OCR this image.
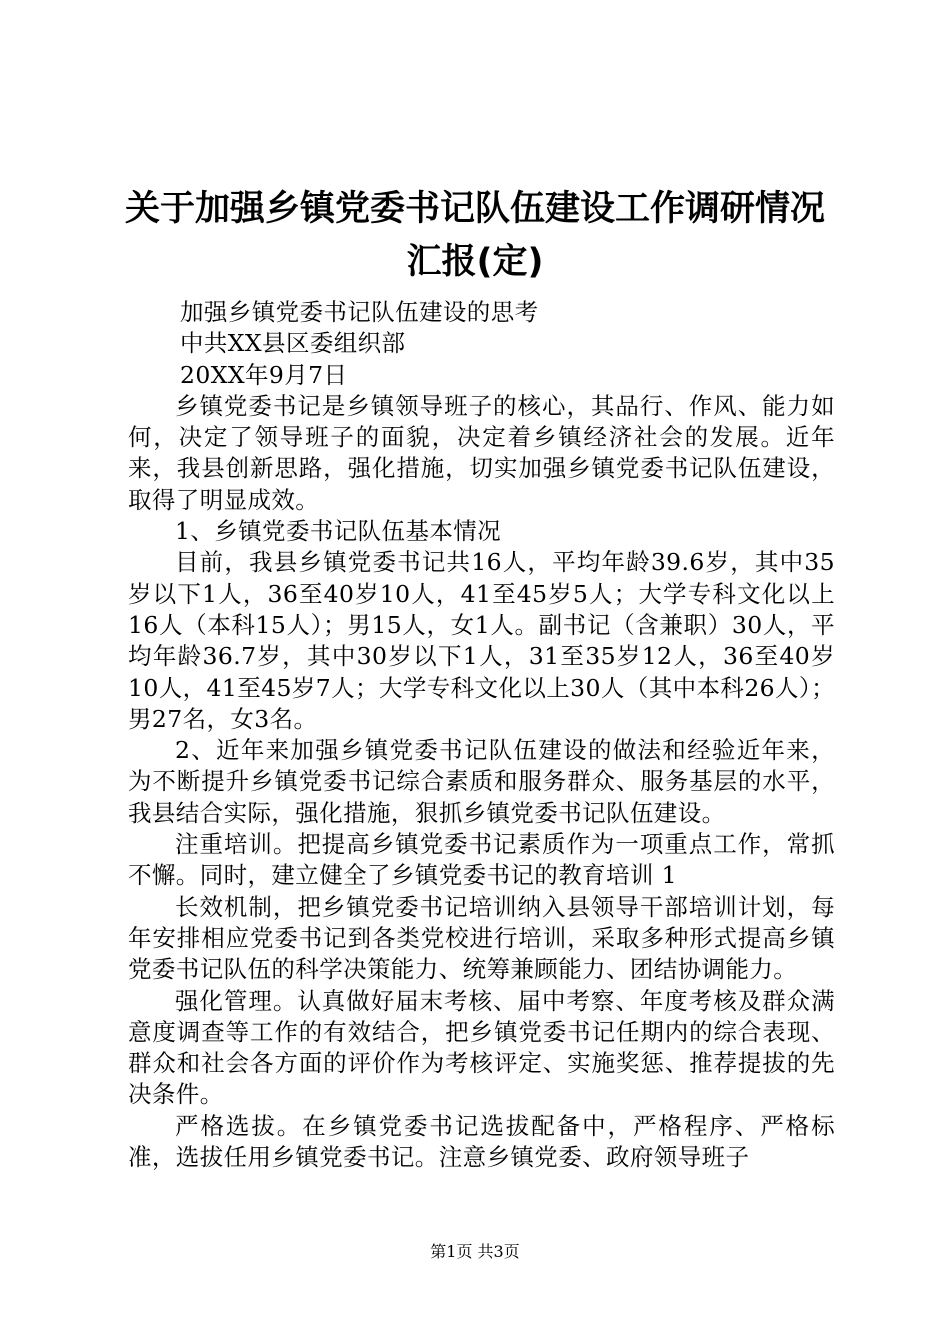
关于加强乡镇党委书记队伍建设工作调研情况
汇报(定)

加强乡镇党委书记队伍建设的思考

中共XX县区委组织部

20XX年9月7日

乡镇党委书记是乡镇领导班子的核心，其品行、作风、能力如何，决定了领导班子的面貌，决定着乡镇经济社会的发展。近年来，我县创新思路，强化措施，切实加强乡镇党委书记队伍建设，取得了明显成效。

1、乡镇党委书记队伍基本情况

目前，我县乡镇党委书记共16人，平均年龄39.6岁，其中35岁以下1人，36至40岁10人，41至45岁5人；大学专科文化以上16人（本科15人）；男15人，女1人。副书记（含兼职）30人，平均年龄36.7岁，其中30岁以下1人，31至35岁12人，36至40岁10人，41至45岁7人；大学专科文化以上30人（其中本科26人）；男27名，女3名。

2、近年来加强乡镇党委书记队伍建设的做法和经验近年来，为不断提升乡镇党委书记综合素质和服务群众、服务基层的水平，我县结合实际，强化措施，狠抓乡镇党委书记队伍建设。

注重培训。把提高乡镇党委书记素质作为一项重点工作，常抓不懈。同时，建立健全了乡镇党委书记的教育培训 1

长效机制，把乡镇党委书记培训纳入县领导干部培训计划，每年安排相应党委书记到各类党校进行培训，采取多种形式提高乡镇党委书记队伍的科学决策能力、统筹兼顾能力、团结协调能力。

强化管理。认真做好届末考核、届中考察、年度考核及群众满意度调查等工作的有效结合，把乡镇党委书记任期内的综合表现、群众和社会各方面的评价作为考核评定、实施奖惩、推荐提拔的先决条件。

严格选拔。在乡镇党委书记选拔配备中，严格程序、严格标准，选拔任用乡镇党委书记。注意乡镇党委、政府领导班子

第1页 共3页
